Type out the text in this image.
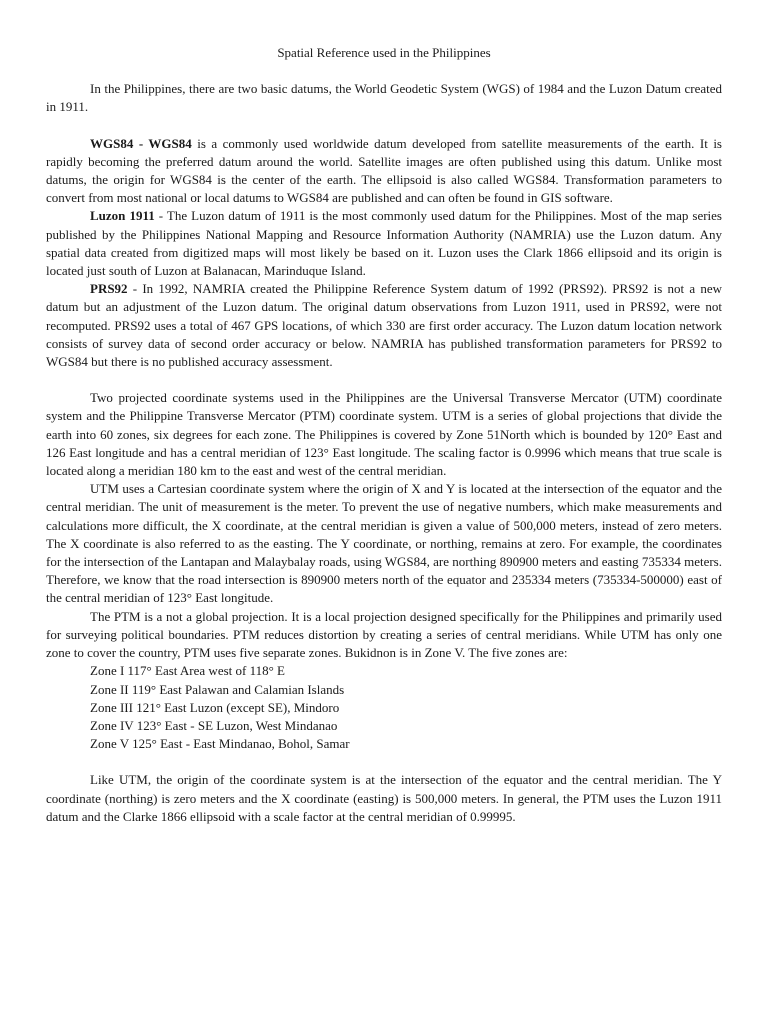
Spatial Reference used in the Philippines

In the Philippines, there are two basic datums, the World Geodetic System (WGS) of 1984 and the Luzon Datum created in 1911.

WGS84 - WGS84 is a commonly used worldwide datum developed from satellite measurements of the earth. It is rapidly becoming the preferred datum around the world. Satellite images are often published using this datum. Unlike most datums, the origin for WGS84 is the center of the earth. The ellipsoid is also called WGS84. Transformation parameters to convert from most national or local datums to WGS84 are published and can often be found in GIS software.

Luzon 1911 - The Luzon datum of 1911 is the most commonly used datum for the Philippines. Most of the map series published by the Philippines National Mapping and Resource Information Authority (NAMRIA) use the Luzon datum. Any spatial data created from digitized maps will most likely be based on it. Luzon uses the Clark 1866 ellipsoid and its origin is located just south of Luzon at Balanacan, Marinduque Island.

PRS92 - In 1992, NAMRIA created the Philippine Reference System datum of 1992 (PRS92). PRS92 is not a new datum but an adjustment of the Luzon datum. The original datum observations from Luzon 1911, used in PRS92, were not recomputed. PRS92 uses a total of 467 GPS locations, of which 330 are first order accuracy. The Luzon datum location network consists of survey data of second order accuracy or below. NAMRIA has published transformation parameters for PRS92 to WGS84 but there is no published accuracy assessment.

Two projected coordinate systems used in the Philippines are the Universal Transverse Mercator (UTM) coordinate system and the Philippine Transverse Mercator (PTM) coordinate system. UTM is a series of global projections that divide the earth into 60 zones, six degrees for each zone. The Philippines is covered by Zone 51North which is bounded by 120° East and 126 East longitude and has a central meridian of 123° East longitude. The scaling factor is 0.9996 which means that true scale is located along a meridian 180 km to the east and west of the central meridian.

UTM uses a Cartesian coordinate system where the origin of X and Y is located at the intersection of the equator and the central meridian. The unit of measurement is the meter. To prevent the use of negative numbers, which make measurements and calculations more difficult, the X coordinate, at the central meridian is given a value of 500,000 meters, instead of zero meters. The X coordinate is also referred to as the easting. The Y coordinate, or northing, remains at zero. For example, the coordinates for the intersection of the Lantapan and Malaybalay roads, using WGS84, are northing 890900 meters and easting 735334 meters. Therefore, we know that the road intersection is 890900 meters north of the equator and 235334 meters (735334-500000) east of the central meridian of 123° East longitude.

The PTM is a not a global projection. It is a local projection designed specifically for the Philippines and primarily used for surveying political boundaries. PTM reduces distortion by creating a series of central meridians. While UTM has only one zone to cover the country, PTM uses five separate zones. Bukidnon is in Zone V. The five zones are:

Zone I 117° East Area west of 118° E
Zone II 119° East Palawan and Calamian Islands
Zone III 121° East Luzon (except SE), Mindoro
Zone IV 123° East - SE Luzon, West Mindanao
Zone V 125° East - East Mindanao, Bohol, Samar

Like UTM, the origin of the coordinate system is at the intersection of the equator and the central meridian. The Y coordinate (northing) is zero meters and the X coordinate (easting) is 500,000 meters. In general, the PTM uses the Luzon 1911 datum and the Clarke 1866 ellipsoid with a scale factor at the central meridian of 0.99995.
